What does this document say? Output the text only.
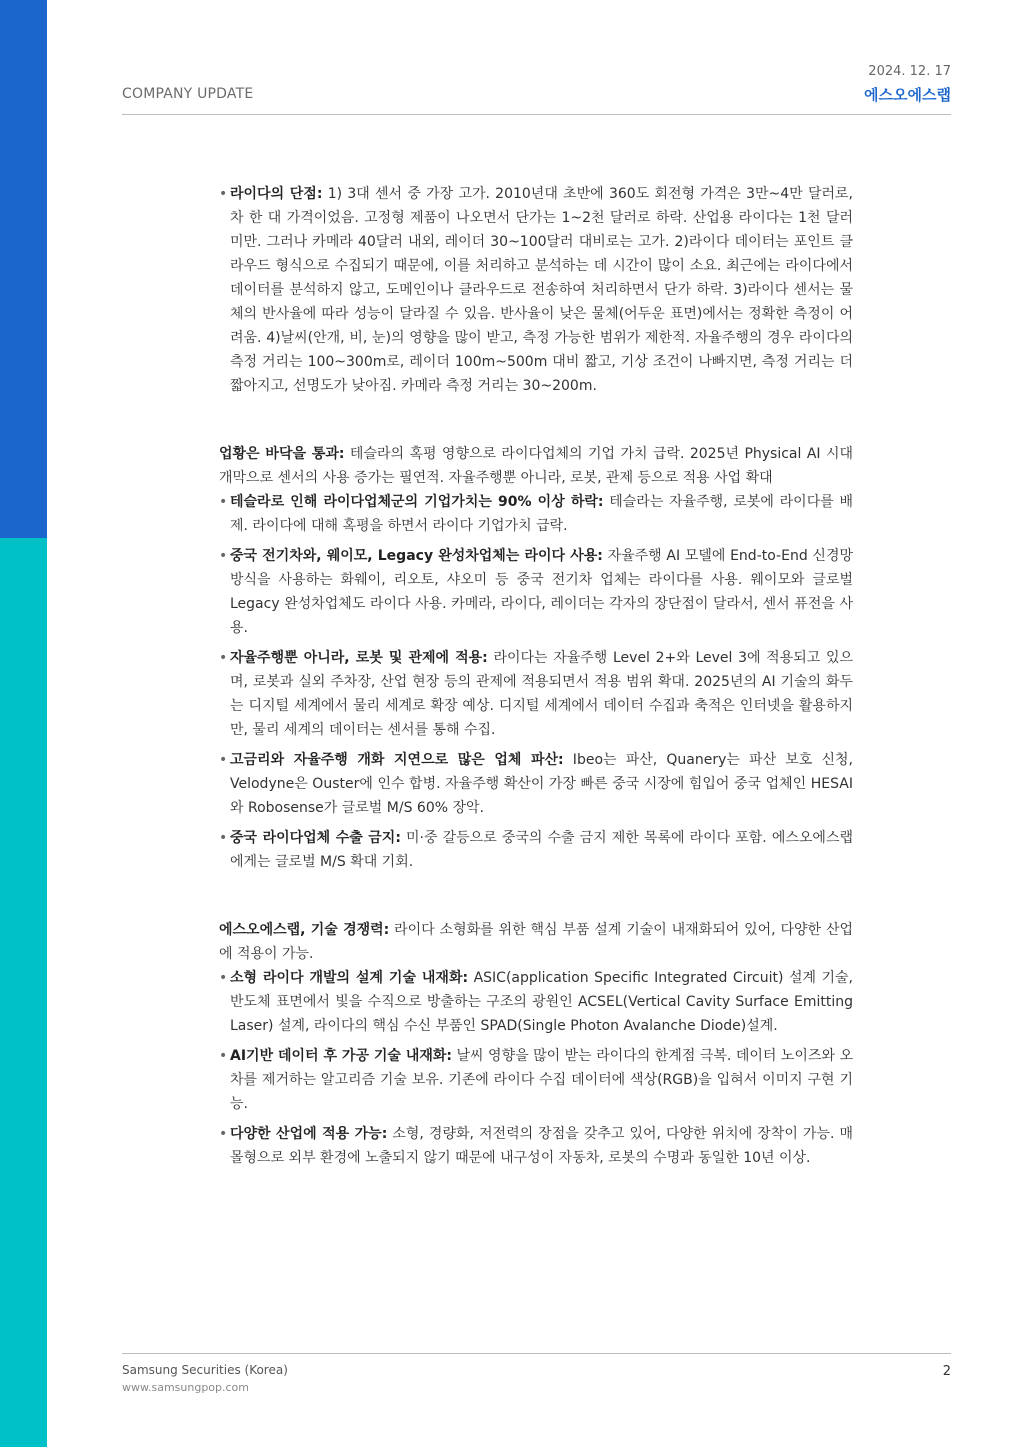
COMPANY UPDATE
2024. 12. 17
에스오에스랩
• 라이다의 단점: 1) 3대 센서 중 가장 고가. 2010년대 초반에 360도 회전형 가격은 3만~4만 달러로, 차 한 대 가격이었음. 고정형 제품이 나오면서 단가는 1~2천 달러로 하락. 산업용 라이다는 1천 달러 미만. 그러나 카메라 40달러 내외, 레이더 30~100달러 대비로는 고가. 2)라이다 데이터는 포인트 클라우드 형식으로 수집되기 때문에, 이를 처리하고 분석하는 데 시간이 많이 소요. 최근에는 라이다에서 데이터를 분석하지 않고, 도메인이나 클라우드로 전송하여 처리하면서 단가 하락. 3)라이다 센서는 물체의 반사율에 따라 성능이 달라질 수 있음. 반사율이 낮은 물체(어두운 표면)에서는 정확한 측정이 어려움. 4)날씨(안개, 비, 눈)의 영향을 많이 받고, 측정 가능한 범위가 제한적. 자율주행의 경우 라이다의 측정 거리는 100~300m로, 레이더 100m~500m 대비 짧고, 기상 조건이 나빠지면, 측정 거리는 더 짧아지고, 선명도가 낮아짐. 카메라 측정 거리는 30~200m.

업황은 바닥을 통과: 테슬라의 혹평 영향으로 라이다업체의 기업 가치 급락. 2025년 Physical AI 시대 개막으로 센서의 사용 증가는 필연적. 자율주행뿐 아니라, 로봇, 관제 등으로 적용 사업 확대

• 테슬라로 인해 라이다업체군의 기업가치는 90% 이상 하락: 테슬라는 자율주행, 로봇에 라이다를 배제. 라이다에 대해 혹평을 하면서 라이다 기업가치 급락.
• 중국 전기차와, 웨이모, Legacy 완성차업체는 라이다 사용: 자율주행 AI 모델에 End-to-End 신경망 방식을 사용하는 화웨이, 리오토, 샤오미 등 중국 전기차 업체는 라이다를 사용. 웨이모와 글로벌 Legacy 완성차업체도 라이다 사용. 카메라, 라이다, 레이더는 각자의 장단점이 달라서, 센서 퓨전을 사용.
• 자율주행뿐 아니라, 로봇 및 관제에 적용: 라이다는 자율주행 Level 2+와 Level 3에 적용되고 있으며, 로봇과 실외 주차장, 산업 현장 등의 관제에 적용되면서 적용 범위 확대. 2025년의 AI 기술의 화두는 디지털 세계에서 물리 세계로 확장 예상. 디지털 세계에서 데이터 수집과 축적은 인터넷을 활용하지만, 물리 세계의 데이터는 센서를 통해 수집.
• 고금리와 자율주행 개화 지연으로 많은 업체 파산: Ibeo는 파산, Quanery는 파산 보호 신청, Velodyne은 Ouster에 인수 합병. 자율주행 확산이 가장 빠른 중국 시장에 힘입어 중국 업체인 HESAI와 Robosense가 글로벌 M/S 60% 장악.
• 중국 라이다업체 수출 금지: 미·중 갈등으로 중국의 수출 금지 제한 목록에 라이다 포함. 에스오에스랩에게는 글로벌 M/S 확대 기회.

에스오에스랩, 기술 경쟁력: 라이다 소형화를 위한 핵심 부품 설계 기술이 내재화되어 있어, 다양한 산업에 적용이 가능.

• 소형 라이다 개발의 설계 기술 내재화: ASIC(application Specific Integrated Circuit) 설계 기술, 반도체 표면에서 빛을 수직으로 방출하는 구조의 광원인 ACSEL(Vertical Cavity Surface Emitting Laser) 설계, 라이다의 핵심 수신 부품인 SPAD(Single Photon Avalanche Diode)설계.
• AI기반 데이터 후 가공 기술 내재화: 날씨 영향을 많이 받는 라이다의 한계점 극복. 데이터 노이즈와 오차를 제거하는 알고리즘 기술 보유. 기존에 라이다 수집 데이터에 색상(RGB)을 입혀서 이미지 구현 기능.
• 다양한 산업에 적용 가능: 소형, 경량화, 저전력의 장점을 갖추고 있어, 다양한 위치에 장착이 가능. 매몰형으로 외부 환경에 노출되지 않기 때문에 내구성이 자동차, 로봇의 수명과 동일한 10년 이상.
Samsung Securities (Korea)
www.samsungpop.com
2
